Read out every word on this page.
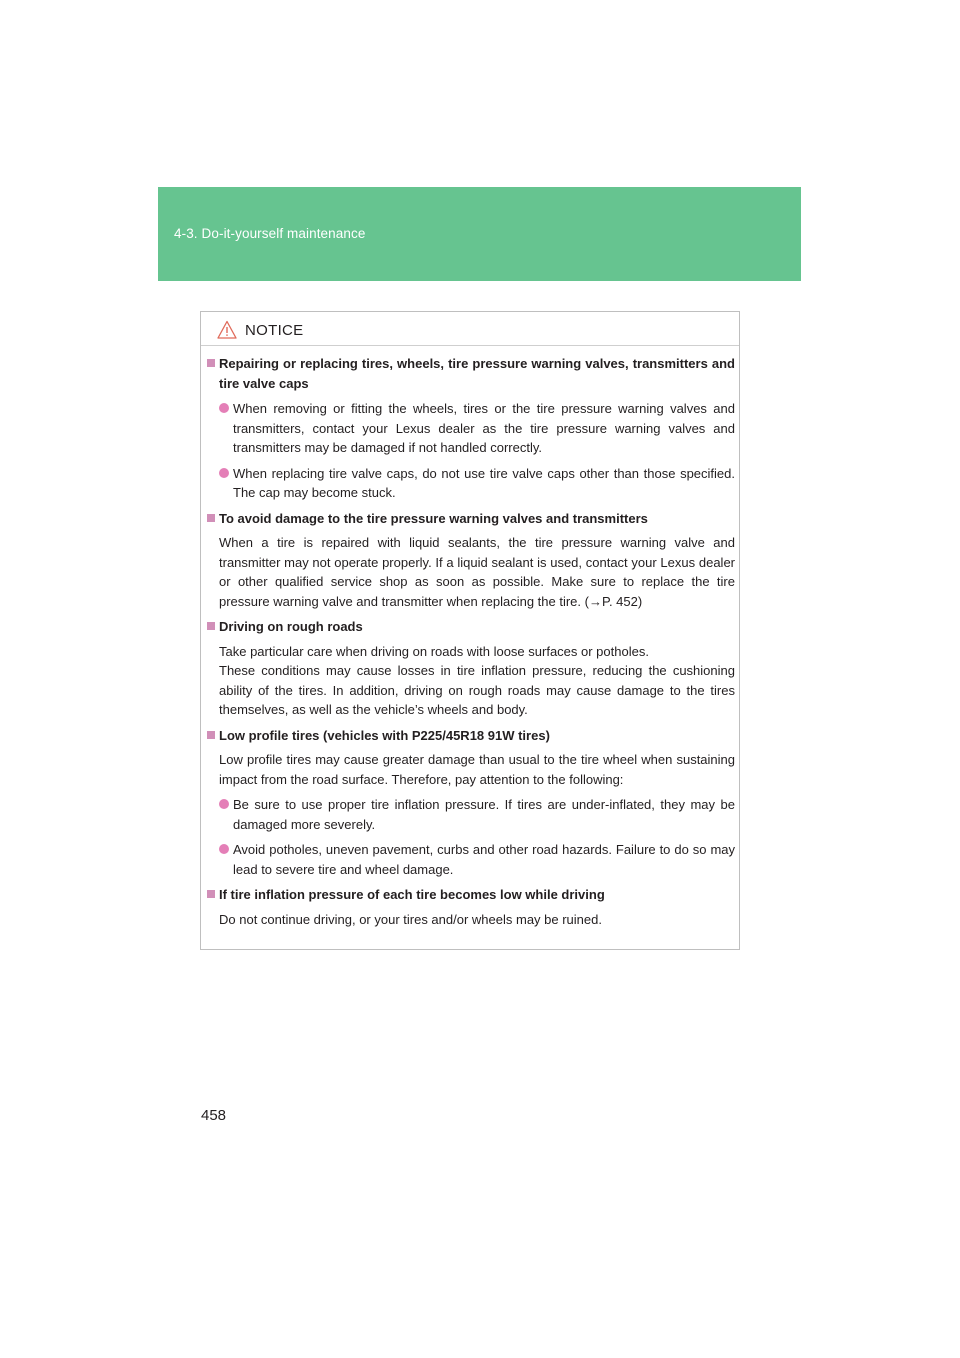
4-3. Do-it-yourself maintenance
NOTICE
Repairing or replacing tires, wheels, tire pressure warning valves, transmitters and tire valve caps
When removing or fitting the wheels, tires or the tire pressure warning valves and transmitters, contact your Lexus dealer as the tire pressure warning valves and transmitters may be damaged if not handled correctly.
When replacing tire valve caps, do not use tire valve caps other than those specified. The cap may become stuck.
To avoid damage to the tire pressure warning valves and transmitters
When a tire is repaired with liquid sealants, the tire pressure warning valve and transmitter may not operate properly. If a liquid sealant is used, contact your Lexus dealer or other qualified service shop as soon as possible. Make sure to replace the tire pressure warning valve and transmitter when replacing the tire. (→P. 452)
Driving on rough roads
Take particular care when driving on roads with loose surfaces or potholes.
These conditions may cause losses in tire inflation pressure, reducing the cushioning ability of the tires. In addition, driving on rough roads may cause damage to the tires themselves, as well as the vehicle’s wheels and body.
Low profile tires (vehicles with P225/45R18 91W tires)
Low profile tires may cause greater damage than usual to the tire wheel when sustaining impact from the road surface. Therefore, pay attention to the following:
Be sure to use proper tire inflation pressure. If tires are under-inflated, they may be damaged more severely.
Avoid potholes, uneven pavement, curbs and other road hazards. Failure to do so may lead to severe tire and wheel damage.
If tire inflation pressure of each tire becomes low while driving
Do not continue driving, or your tires and/or wheels may be ruined.
458
